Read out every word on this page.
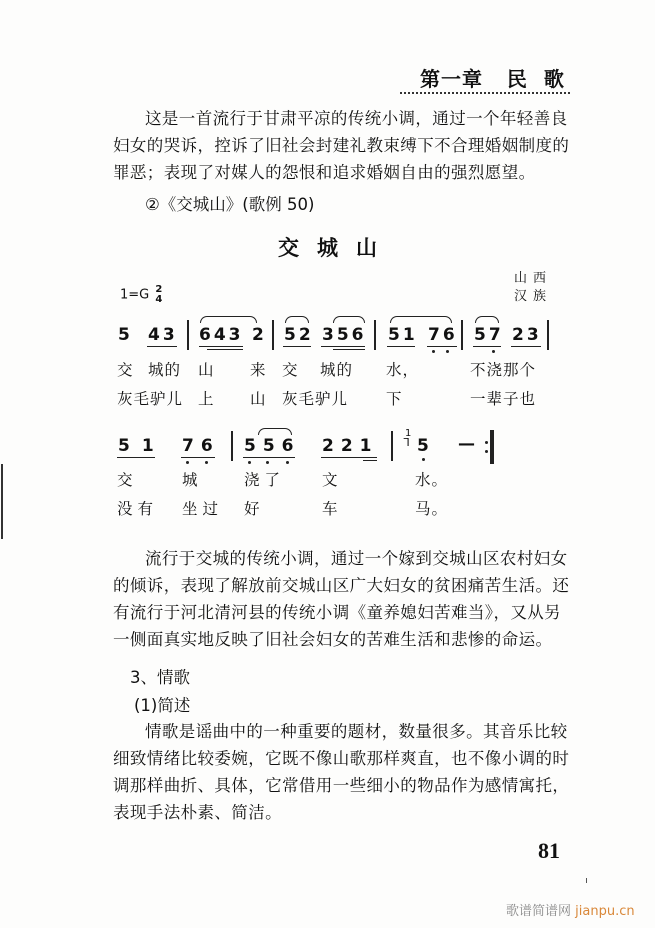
第一章   民  歌

这是一首流行于甘肃平凉的传统小调，通过一个年轻善良妇女的哭诉，控诉了旧社会封建礼教束缚下不合理婚姻制度的罪恶；表现了对媒人的怨恨和追求婚姻自由的强烈愿望。

②《交城山》(歌例 50)
交城山
1=G 2
4
山西
汉族
5 43 643 2 52 356 51 76 57 23
交 城的 山 来 交 城的 水，	不浇那个
灰毛驴儿 上 山 灰毛驴儿 下	一辈子也
51 76 556 221
1
ᒣ 5 —
交	城	浇了 文	水。
没有 坐过 好	车	马。

流行于交城的传统小调，通过一个嫁到交城山区农村妇女的倾诉，表现了解放前交城山区广大妇女的贫困痛苦生活。还有流行于河北清河县的传统小调《童养媳妇苦难当》，又从另一侧面真实地反映了旧社会妇女的苦难生活和悲惨的命运。

3、情歌
(1)简述

情歌是谣曲中的一种重要的题材，数量很多。其音乐比较细致情绪比较委婉，它既不像山歌那样爽直，也不像小调的时调那样曲折、具体，它常借用一些细小的物品作为感情寓托，表现手法朴素、简洁。

81
歌谱简谱网 jianpu.cn
